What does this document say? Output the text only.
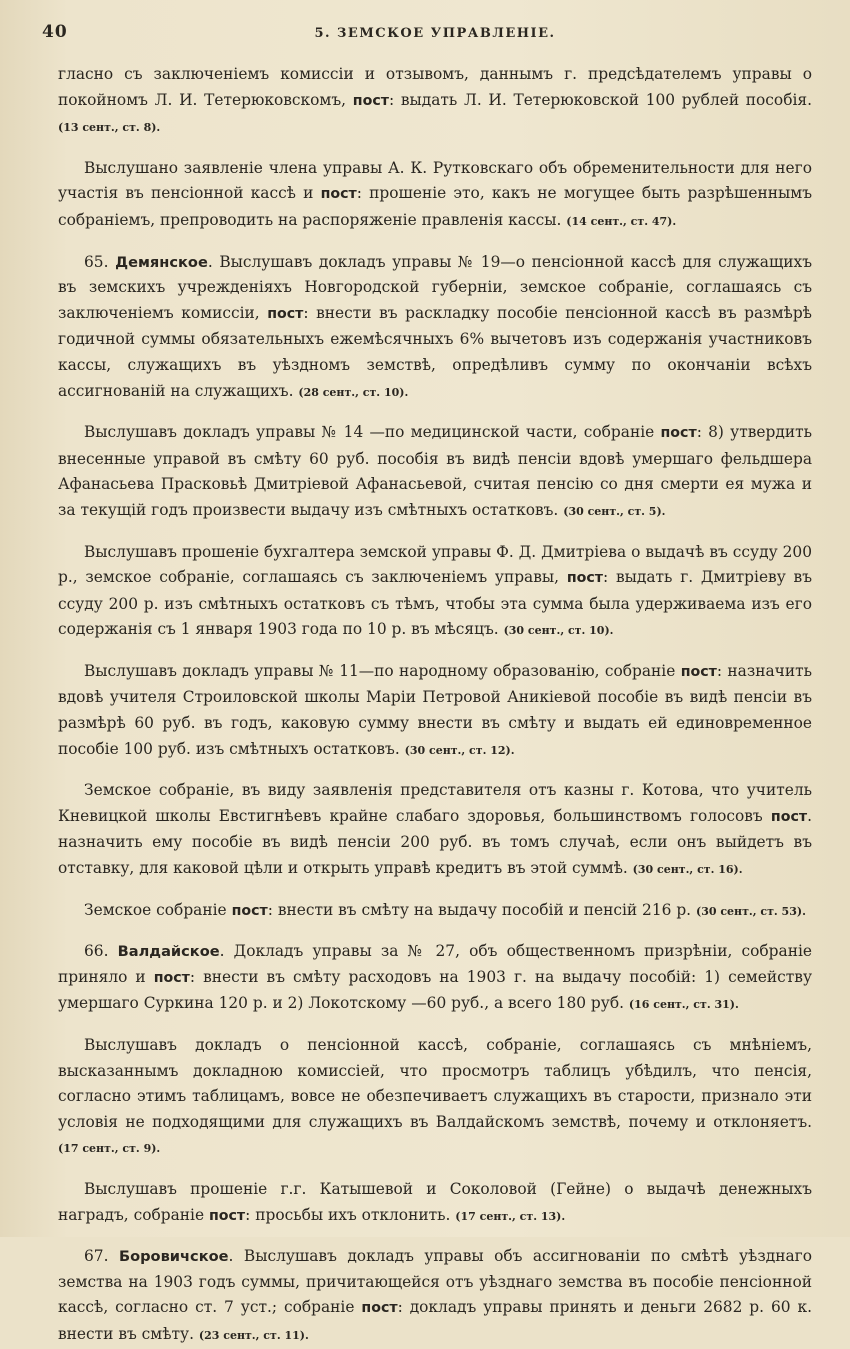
40	5. ЗЕМСКОЕ УПРАВЛЕНІЕ.

гласно съ заключеніемъ комиссіи и отзывомъ, даннымъ г. предсѣдателемъ управы о покойномъ Л. И. Тетерюковскомъ, пост: выдать Л. И. Тетерюковской 100 рублей пособія. (13 сент., ст. 8).

Выслушано заявленіе члена управы А. К. Рутковскаго объ обременительности для него участія въ пенсіонной кассѣ и пост: прошеніе это, какъ не могущее быть разрѣшеннымъ собраніемъ, препроводить на распоряженіе правленія кассы. (14 сент., ст. 47).

65. Демянское. Выслушавъ докладъ управы № 19—о пенсіонной кассѣ для служащихъ въ земскихъ учрежденіяхъ Новгородской губерніи, земское собраніе, соглашаясь съ заключеніемъ комиссіи, пост: внести въ раскладку пособіе пенсіонной кассѣ въ размѣрѣ годичной суммы обязательныхъ ежемѣсячныхъ 6% вычетовъ изъ содержанія участниковъ кассы, служащихъ въ уѣздномъ земствѣ, опредѣливъ сумму по окончаніи всѣхъ ассигнованій на служащихъ. (28 сент., ст. 10).

Выслушавъ докладъ управы № 14 —по медицинской части, собраніе пост: 8) утвердить внесенные управой въ смѣту 60 руб. пособія въ видѣ пенсіи вдовѣ умершаго фельдшера Афанасьева Прасковьѣ Дмитріевой Афанасьевой, считая пенсію со дня смерти ея мужа и за текущій годъ произвести выдачу изъ смѣтныхъ остатковъ. (30 сент., ст. 5).

Выслушавъ прошеніе бухгалтера земской управы Ф. Д. Дмитріева о выдачѣ въ ссуду 200 р., земское собраніе, соглашаясь съ заключеніемъ управы, пост: выдать г. Дмитріеву въ ссуду 200 р. изъ смѣтныхъ остатковъ съ тѣмъ, чтобы эта сумма была удерживаема изъ его содержанія съ 1 января 1903 года по 10 р. въ мѣсяцъ. (30 сент., ст. 10).

Выслушавъ докладъ управы № 11—по народному образованію, собраніе пост: назначить вдовѣ учителя Строиловской школы Маріи Петровой Аникіевой пособіе въ видѣ пенсіи въ размѣрѣ 60 руб. въ годъ, каковую сумму внести въ смѣту и выдать ей единовременное пособіе 100 руб. изъ смѣтныхъ остатковъ. (30 сент., ст. 12).

Земское собраніе, въ виду заявленія представителя отъ казны г. Котова, что учитель Кневицкой школы Евстигнѣевъ крайне слабаго здоровья, большинствомъ голосовъ пост. назначить ему пособіе въ видѣ пенсіи 200 руб. въ томъ случаѣ, если онъ выйдетъ въ отставку, для каковой цѣли и открыть управѣ кредитъ въ этой суммѣ. (30 сент., ст. 16).

Земское собраніе пост: внести въ смѣту на выдачу пособій и пенсій 216 р. (30 сент., ст. 53).

66. Валдайское. Докладъ управы за № 27, объ общественномъ призрѣніи, собраніе приняло и пост: внести въ смѣту расходовъ на 1903 г. на выдачу пособій: 1) семейству умершаго Суркина 120 р. и 2) Локотскому —60 руб., а всего 180 руб. (16 сент., ст. 31).

Выслушавъ докладъ о пенсіонной кассѣ, собраніе, соглашаясь съ мнѣніемъ, высказаннымъ докладною комиссіей, что просмотръ таблицъ убѣдилъ, что пенсія, согласно этимъ таблицамъ, вовсе не обезпечиваетъ служащихъ въ старости, признало эти условія не подходящими для служащихъ въ Валдайскомъ земствѣ, почему и отклоняетъ. (17 сент., ст. 9).

Выслушавъ прошеніе г.г. Катышевой и Соколовой (Гейне) о выдачѣ денежныхъ наградъ, собраніе пост: просьбы ихъ отклонить. (17 сент., ст. 13).

67. Боровичское. Выслушавъ докладъ управы объ ассигнованіи по смѣтѣ уѣзднаго земства на 1903 годъ суммы, причитающейся отъ уѣзднаго земства въ пособіе пенсіонной кассѣ, согласно ст. 7 уст.; собраніе пост: докладъ управы принять и деньги 2682 р. 60 к. внести въ смѣту. (23 сент., ст. 11).
